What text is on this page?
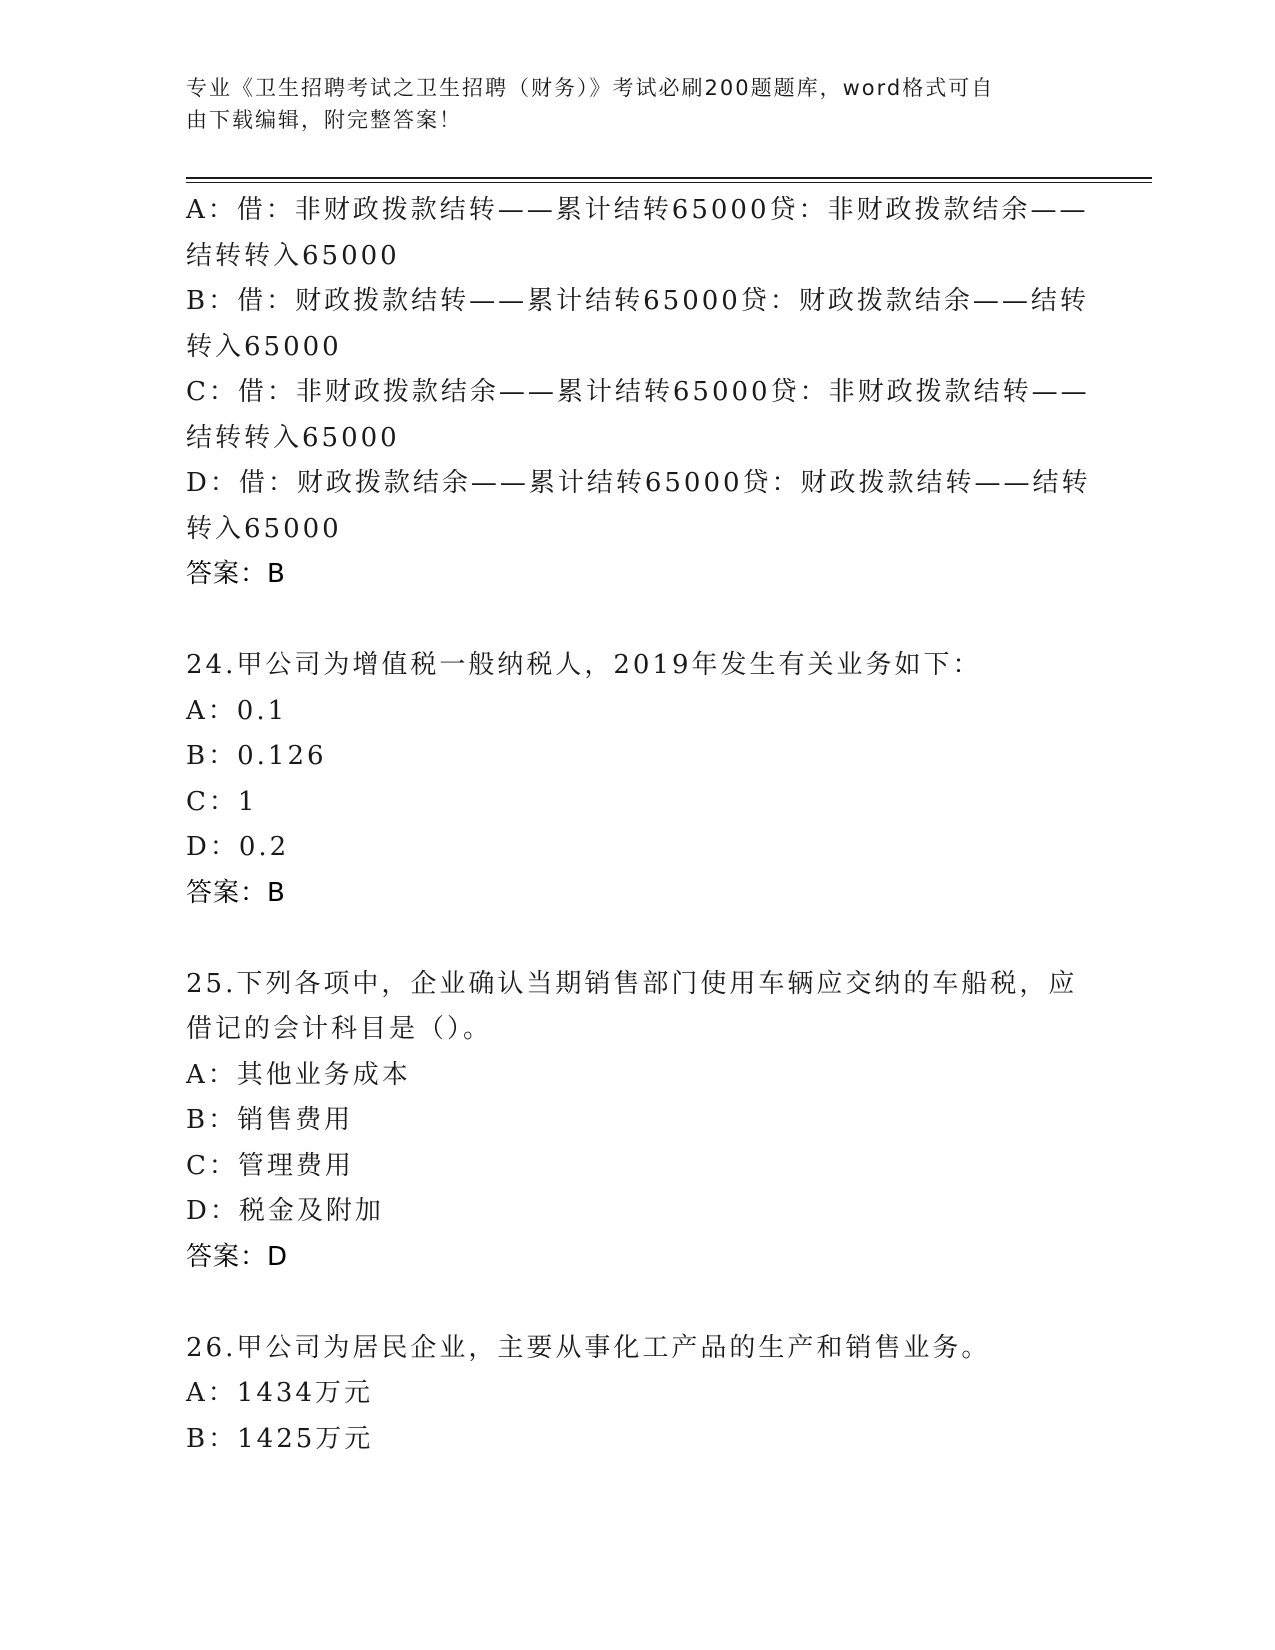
专业《卫生招聘考试之卫生招聘（财务）》考试必刷200题题库，word格式可自
由下载编辑，附完整答案！
A：借：非财政拨款结转——累计结转65000贷：非财政拨款结余——
结转转入65000
B：借：财政拨款结转——累计结转65000贷：财政拨款结余——结转
转入65000
C：借：非财政拨款结余——累计结转65000贷：非财政拨款结转——
结转转入65000
D：借：财政拨款结余——累计结转65000贷：财政拨款结转——结转
转入65000
答案：B
24.甲公司为增值税一般纳税人，2019年发生有关业务如下：
A：0.1
B：0.126
C：1
D：0.2
答案：B
25.下列各项中，企业确认当期销售部门使用车辆应交纳的车船税，应
借记的会计科目是（）。
A：其他业务成本
B：销售费用
C：管理费用
D：税金及附加
答案：D
26.甲公司为居民企业，主要从事化工产品的生产和销售业务。
A：1434万元
B：1425万元
